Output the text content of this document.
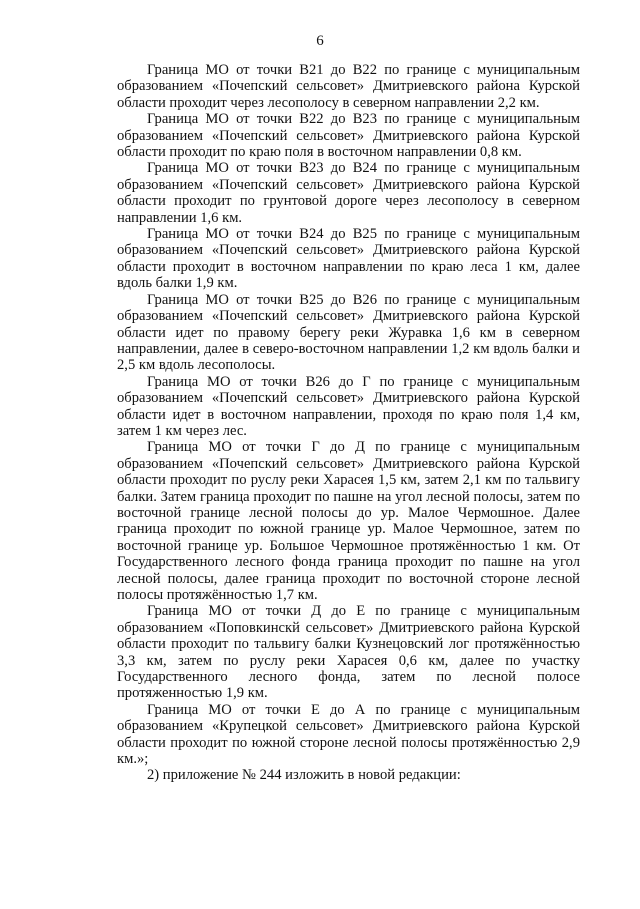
6

Граница МО от точки В21 до В22 по границе с муниципальным образованием «Почепский сельсовет» Дмитриевского района Курской области проходит через лесополосу в северном направлении 2,2 км.

Граница МО от точки В22 до В23 по границе с муниципальным образованием «Почепский сельсовет» Дмитриевского района Курской области проходит по краю поля в восточном направлении 0,8 км.

Граница МО от точки В23 до В24 по границе с муниципальным образованием «Почепский сельсовет» Дмитриевского района Курской области проходит по грунтовой дороге через лесополосу в северном направлении 1,6 км.

Граница МО от точки В24 до В25 по границе с муниципальным образованием «Почепский сельсовет» Дмитриевского района Курской области проходит в восточном направлении по краю леса 1 км, далее вдоль балки 1,9 км.

Граница МО от точки В25 до В26 по границе с муниципальным образованием «Почепский сельсовет» Дмитриевского района Курской области идет по правому берегу реки Журавка 1,6 км в северном направлении, далее в северо-восточном направлении 1,2 км вдоль балки и 2,5 км вдоль лесополосы.

Граница МО от точки В26 до Г по границе с муниципальным образованием «Почепский сельсовет» Дмитриевского района Курской области идет в восточном направлении, проходя по краю поля 1,4 км, затем 1 км через лес.

Граница МО от точки Г до Д по границе с муниципальным образованием «Почепский сельсовет» Дмитриевского района Курской области проходит по руслу реки Харасея 1,5 км, затем 2,1 км по тальвигу балки. Затем граница проходит по пашне на угол лесной полосы, затем по восточной границе лесной полосы до ур. Малое Чермошное. Далее граница проходит по южной границе ур. Малое Чермошное, затем по восточной границе ур. Большое Чермошное протяжённостью 1 км. От Государственного лесного фонда граница проходит по пашне на угол лесной полосы, далее граница проходит по восточной стороне лесной полосы протяжённостью 1,7 км.

Граница МО от точки Д до Е по границе с муниципальным образованием «Поповкинскй сельсовет» Дмитриевского района Курской области проходит по тальвигу балки Кузнецовский лог протяжённостью 3,3 км, затем по руслу реки Харасея 0,6 км, далее по участку Государственного лесного фонда, затем по лесной полосе протяженностью 1,9 км.

Граница МО от точки Е до А по границе с муниципальным образованием «Крупецкой сельсовет» Дмитриевского района Курской области проходит по южной стороне лесной полосы протяжённостью 2,9 км.»;

2) приложение № 244 изложить в новой редакции:
